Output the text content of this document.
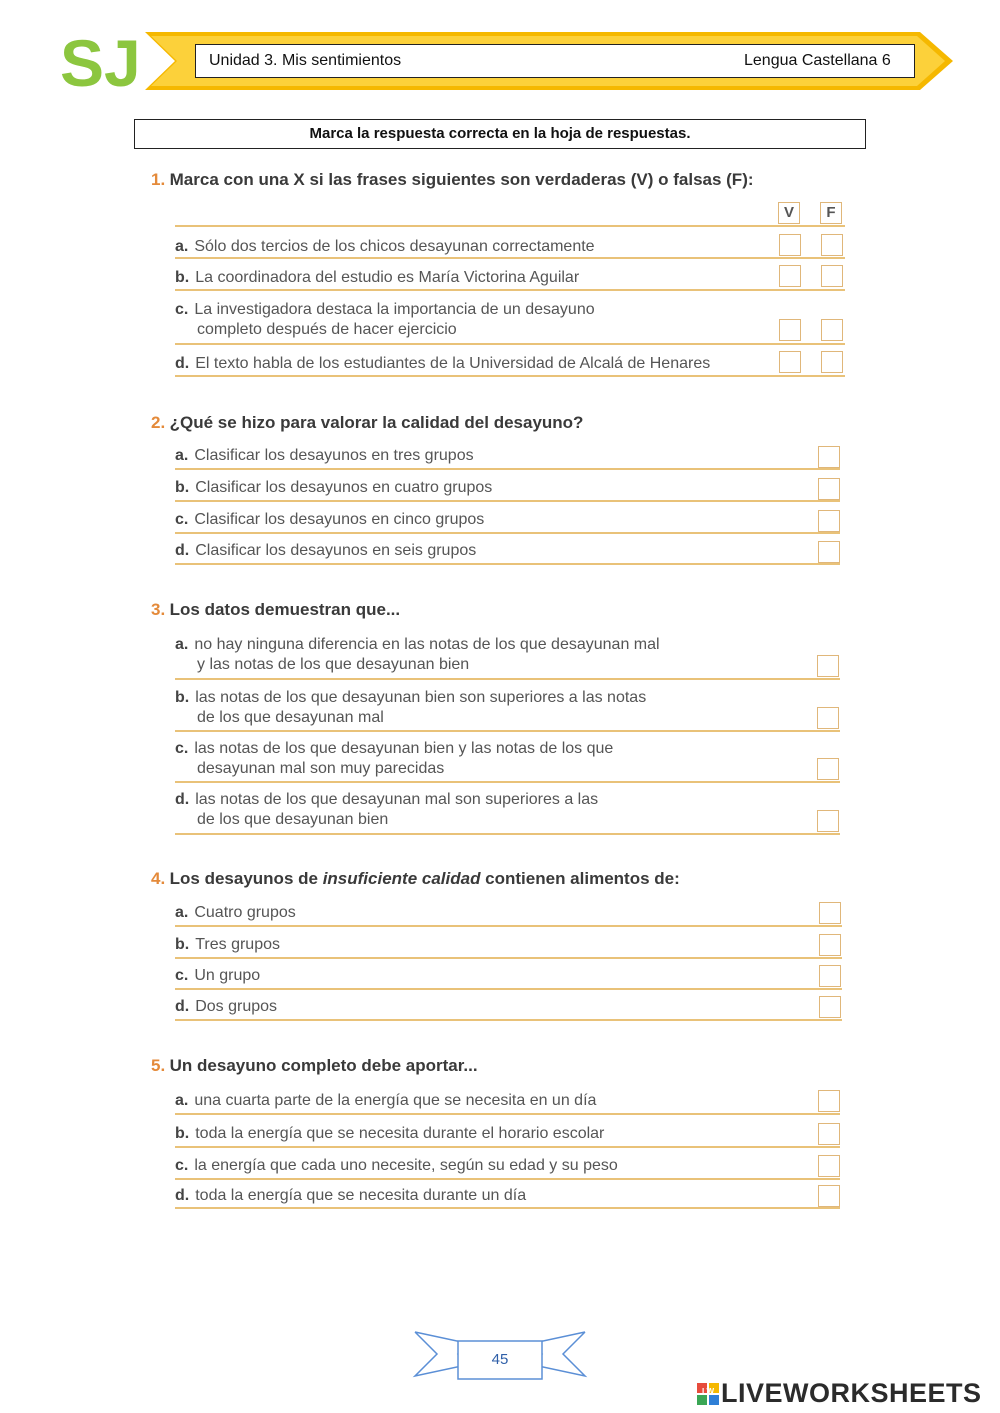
SJ	Unidad 3. Mis sentimientos	Lengua Castellana 6
Marca la respuesta correcta en la hoja de respuestas.
1. Marca con una X si las frases siguientes son verdaderas (V) o falsas (F):
V	F
a. Sólo dos tercios de los chicos desayunan correctamente
b. La coordinadora del estudio es María Victorina Aguilar
c. La investigadora destaca la importancia de un desayuno
completo después de hacer ejercicio
d. El texto habla de los estudiantes de la Universidad de Alcalá de Henares
2. ¿Qué se hizo para valorar la calidad del desayuno?
a. Clasificar los desayunos en tres grupos
b. Clasificar los desayunos en cuatro grupos
c. Clasificar los desayunos en cinco grupos
d. Clasificar los desayunos en seis grupos
3. Los datos demuestran que...
a. no hay ninguna diferencia en las notas de los que desayunan mal
y las notas de los que desayunan bien
b. las notas de los que desayunan bien son superiores a las notas
de los que desayunan mal
c. las notas de los que desayunan bien y las notas de los que
desayunan mal son muy parecidas
d. las notas de los que desayunan mal son superiores a las
de los que desayunan bien
4. Los desayunos de insuficiente calidad contienen alimentos de:
a. Cuatro grupos
b. Tres grupos
c. Un grupo
d. Dos grupos
5. Un desayuno completo debe aportar...
a. una cuarta parte de la energía que se necesita en un día
b. toda la energía que se necesita durante el horario escolar
c. la energía que cada uno necesite, según su edad y su peso
d. toda la energía que se necesita durante un día
45
LW LIVEWORKSHEETS
